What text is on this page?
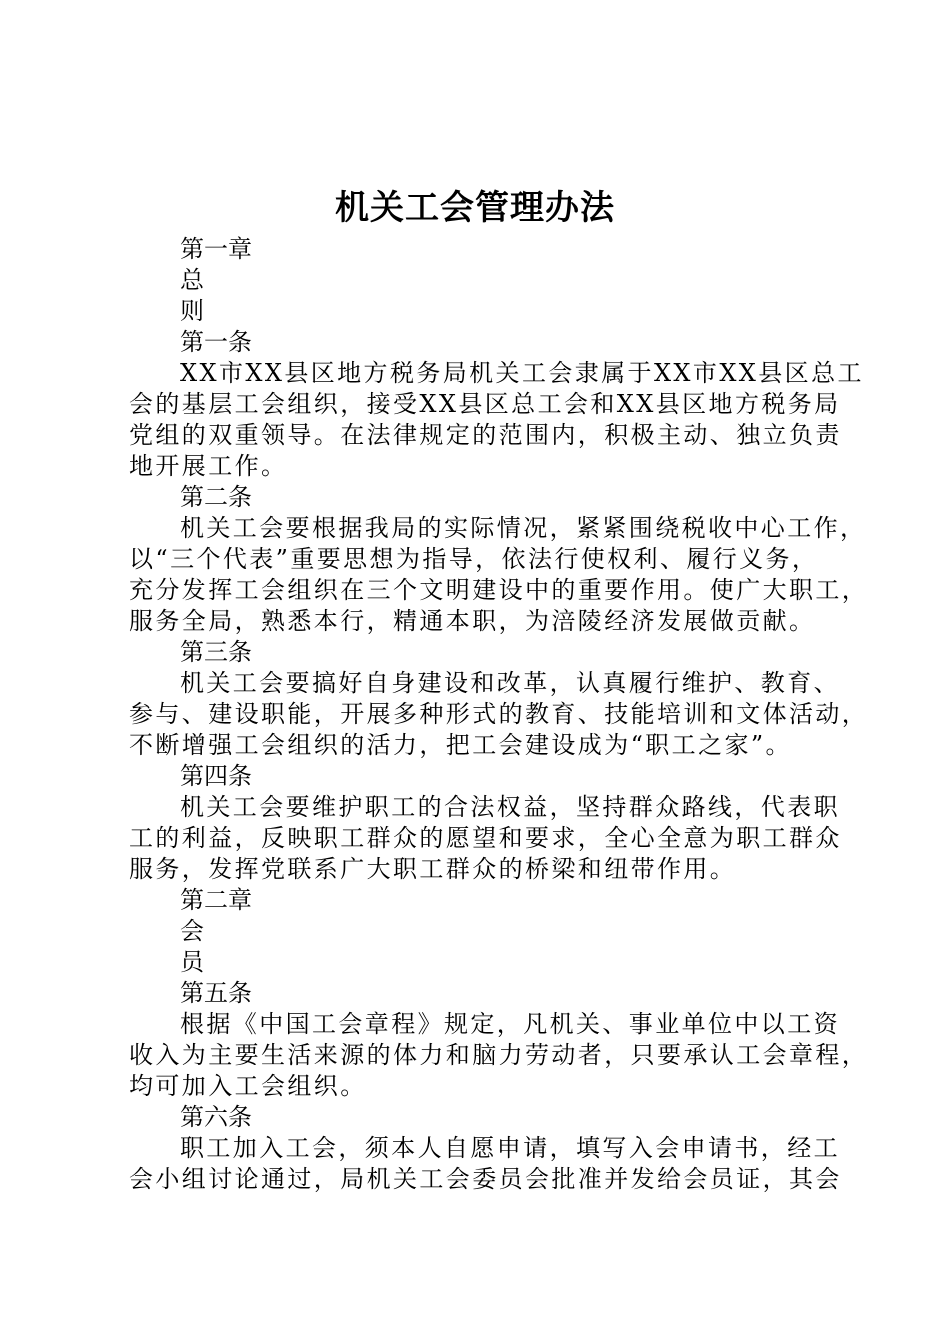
机关工会管理办法
第一章
总
则
第一条
XX市XX县区地方税务局机关工会隶属于XX市XX县区总工
会的基层工会组织，接受XX县区总工会和XX县区地方税务局
党组的双重领导。在法律规定的范围内，积极主动、独立负责
地开展工作。
第二条
机关工会要根据我局的实际情况，紧紧围绕税收中心工作，
以“三个代表”重要思想为指导，依法行使权利、履行义务，
充分发挥工会组织在三个文明建设中的重要作用。使广大职工，
服务全局，熟悉本行，精通本职，为涪陵经济发展做贡献。
第三条
机关工会要搞好自身建设和改革，认真履行维护、教育、
参与、建设职能，开展多种形式的教育、技能培训和文体活动，
不断增强工会组织的活力，把工会建设成为“职工之家”。
第四条
机关工会要维护职工的合法权益，坚持群众路线，代表职
工的利益，反映职工群众的愿望和要求，全心全意为职工群众
服务，发挥党联系广大职工群众的桥梁和纽带作用。
第二章
会
员
第五条
根据《中国工会章程》规定，凡机关、事业单位中以工资
收入为主要生活来源的体力和脑力劳动者，只要承认工会章程，
均可加入工会组织。
第六条
职工加入工会，须本人自愿申请，填写入会申请书，经工
会小组讨论通过，局机关工会委员会批准并发给会员证，其会
